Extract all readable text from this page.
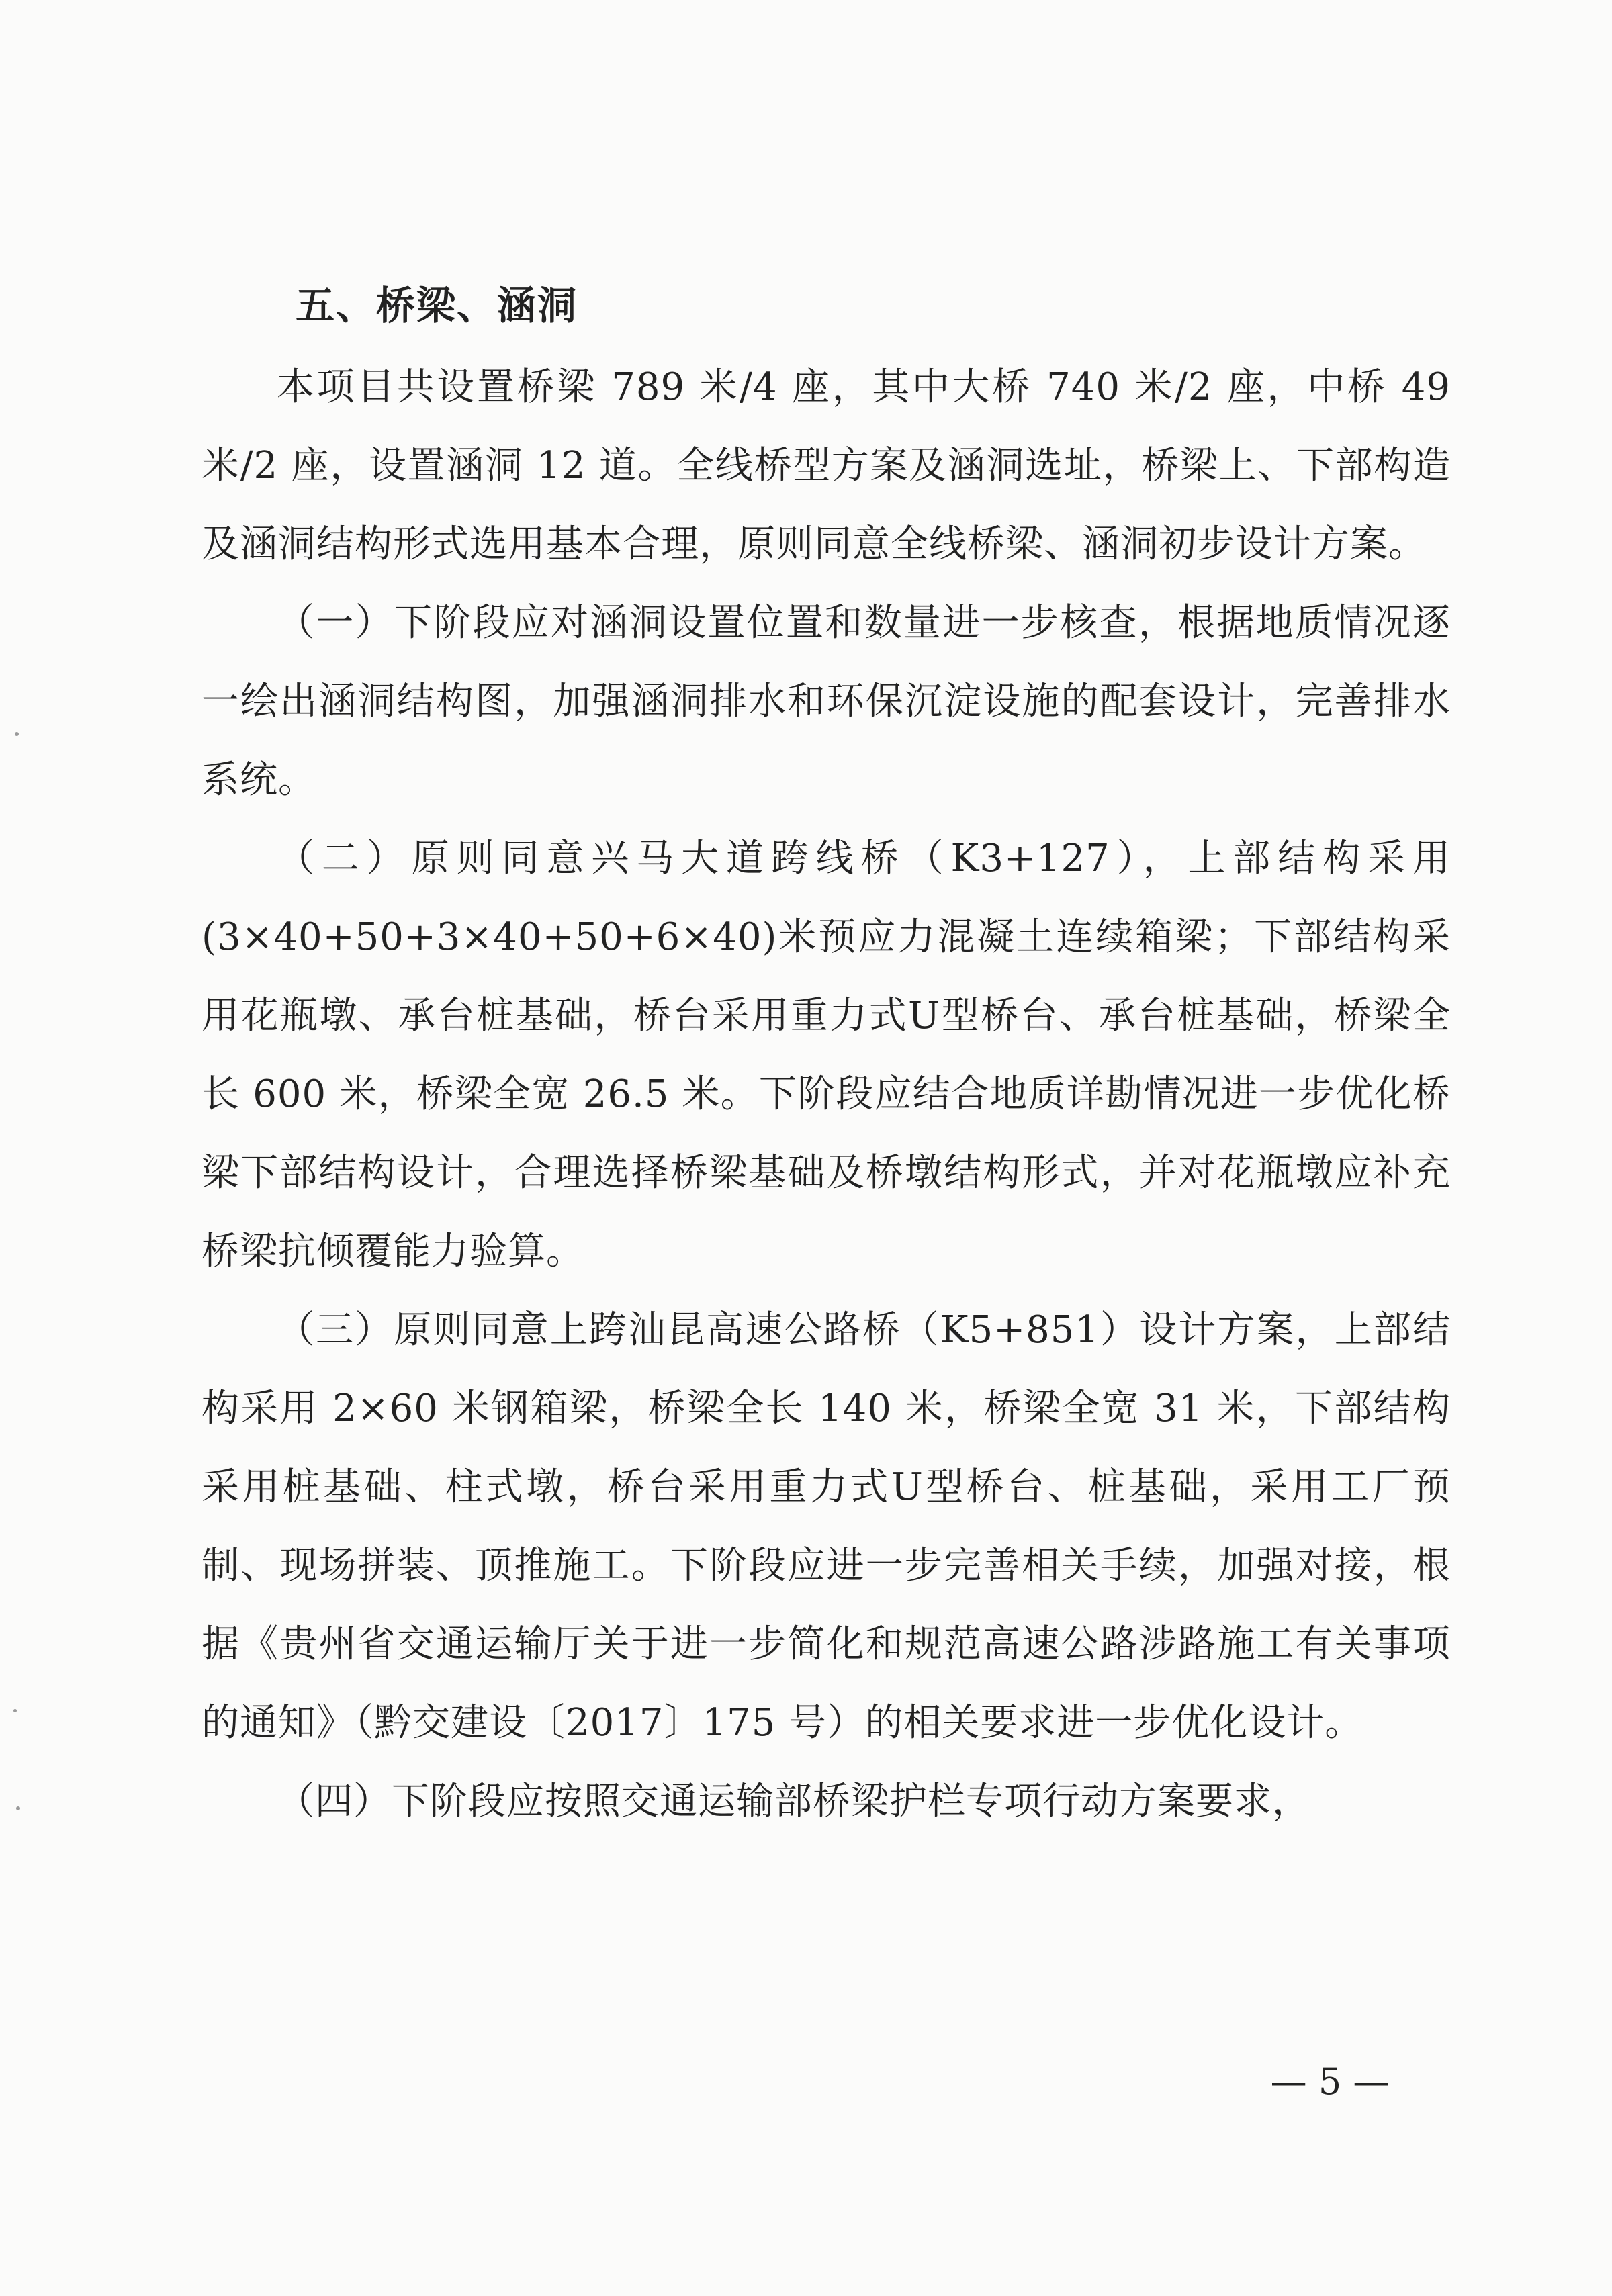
五、桥梁、涵洞

本项目共设置桥梁 789 米/4 座，其中大桥 740 米/2 座，中桥 49 米/2 座，设置涵洞 12 道。全线桥型方案及涵洞选址，桥梁上、下部构造及涵洞结构形式选用基本合理，原则同意全线桥梁、涵洞初步设计方案。

（一）下阶段应对涵洞设置位置和数量进一步核查，根据地质情况逐一绘出涵洞结构图，加强涵洞排水和环保沉淀设施的配套设计，完善排水系统。

（二）原则同意兴马大道跨线桥（K3+127），上部结构采用(3×40+50+3×40+50+6×40)米预应力混凝土连续箱梁；下部结构采用花瓶墩、承台桩基础，桥台采用重力式U型桥台、承台桩基础，桥梁全长 600 米，桥梁全宽 26.5 米。下阶段应结合地质详勘情况进一步优化桥梁下部结构设计，合理选择桥梁基础及桥墩结构形式，并对花瓶墩应补充桥梁抗倾覆能力验算。

（三）原则同意上跨汕昆高速公路桥（K5+851）设计方案，上部结构采用 2×60 米钢箱梁，桥梁全长 140 米，桥梁全宽 31 米，下部结构采用桩基础、柱式墩，桥台采用重力式U型桥台、桩基础，采用工厂预制、现场拼装、顶推施工。下阶段应进一步完善相关手续，加强对接，根据《贵州省交通运输厅关于进一步简化和规范高速公路涉路施工有关事项的通知》（黔交建设〔2017〕175 号）的相关要求进一步优化设计。

（四）下阶段应按照交通运输部桥梁护栏专项行动方案要求，

— 5 —
